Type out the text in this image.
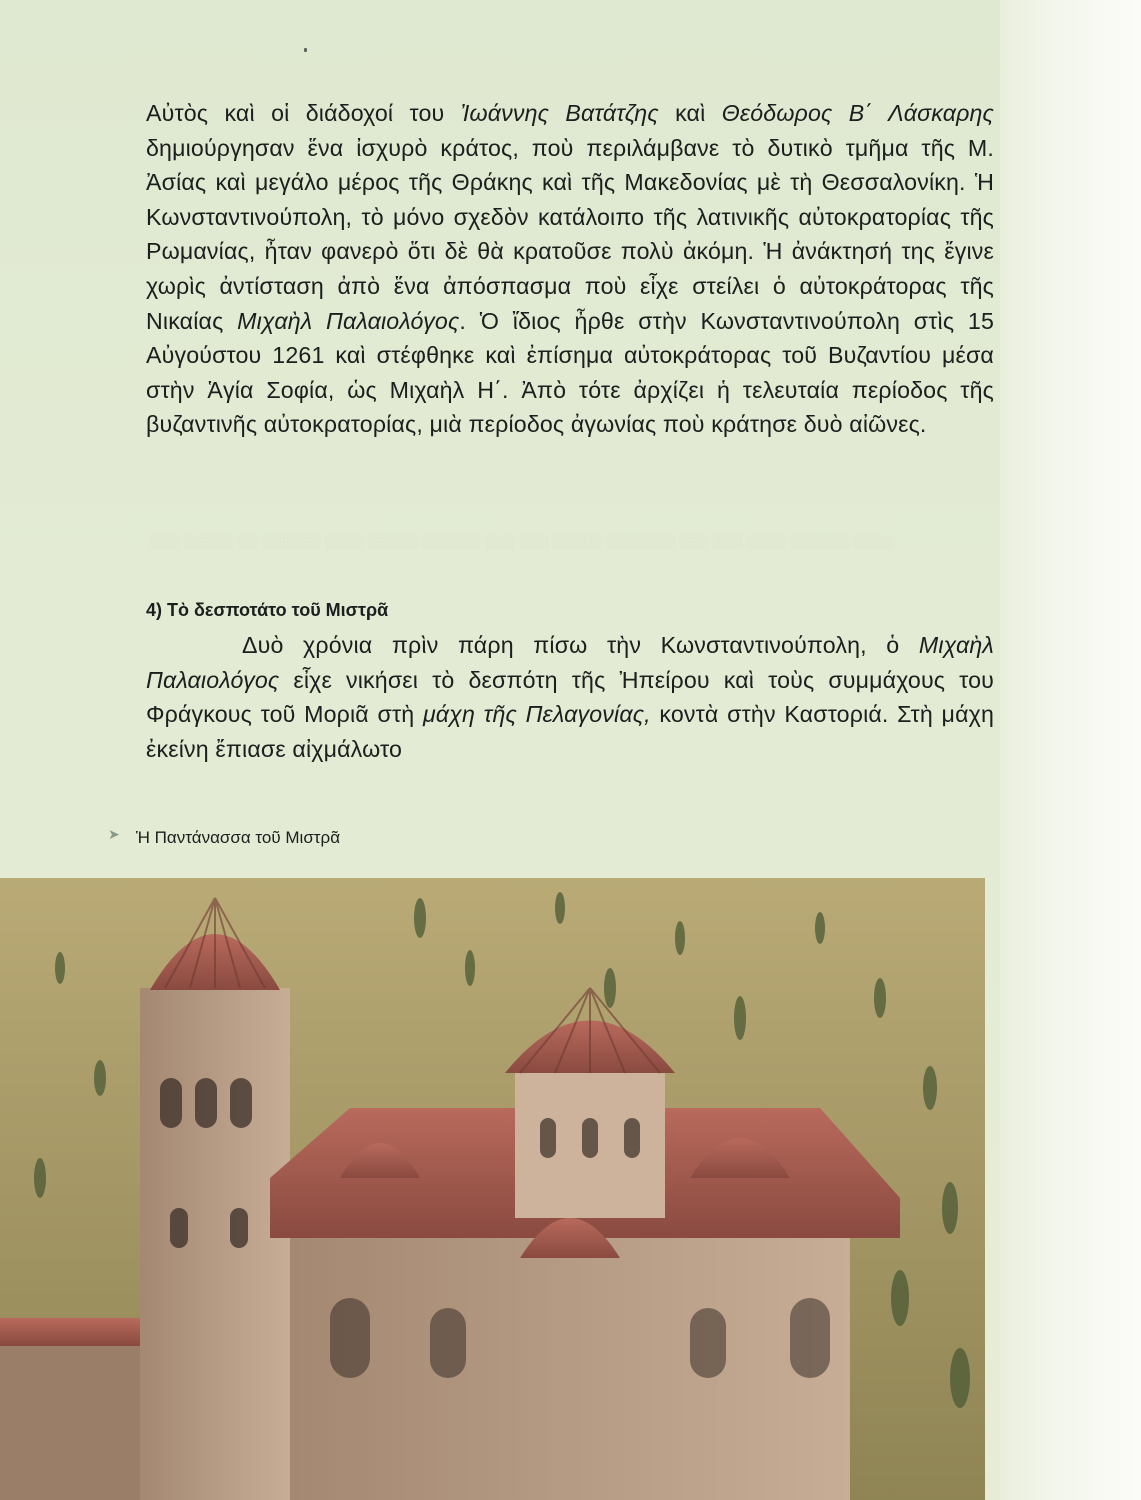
░░░ ░░░░░ ░░ ░░░░░░ ░░░░ ░░░░░ ░░░░░░ ░░░ ░░░ ░░░░░ ░░░░░░░ ░░░ ░░░ ░░░░ ░░░░░░ ░░░░

Αὐτὸς καὶ οἱ διάδοχοί του Ἰωάννης Βατάτζης καὶ Θεόδωρος Β΄ Λάσκαρης δημιούργησαν ἕνα ἰσχυρὸ κράτος, ποὺ περιλάμβανε τὸ δυτικὸ τμῆμα τῆς Μ. Ἀσίας καὶ μεγάλο μέρος τῆς Θράκης καὶ τῆς Μακεδονίας μὲ τὴ Θεσσαλονίκη. Ἡ Κωνσταντινούπολη, τὸ μόνο σχεδὸν κατάλοιπο τῆς λατινικῆς αὐτοκρατορίας τῆς Ρωμανίας, ἦταν φανερὸ ὅτι δὲ θὰ κρατοῦσε πολὺ ἀκόμη. Ἡ ἀνάκτησή της ἔγινε χωρὶς ἀντίσταση ἀπὸ ἕνα ἀπόσπασμα ποὺ εἶχε στείλει ὁ αὐτοκράτορας τῆς Νικαίας Μιχαὴλ Παλαιολόγος. Ὁ ἴδιος ἦρθε στὴν Κωνσταντινούπολη στὶς 15 Αὐγούστου 1261 καὶ στέφθηκε καὶ ἐπίσημα αὐτοκράτορας τοῦ Βυζαντίου μέσα στὴν Ἁγία Σοφία, ὡς Μιχαὴλ Η΄. Ἀπὸ τότε ἀρχίζει ἡ τελευταία περίοδος τῆς βυζαντινῆς αὐτοκρατορίας, μιὰ περίοδος ἀγωνίας ποὺ κράτησε δυὸ αἰῶνες.

4) Τὸ δεσποτάτο τοῦ Μιστρᾶ

Δυὸ χρόνια πρὶν πάρη πίσω τὴν Κωνσταντινούπολη, ὁ Μιχαὴλ Παλαιολόγος εἶχε νικήσει τὸ δεσπότη τῆς Ἠπείρου καὶ τοὺς συμμάχους του Φράγκους τοῦ Μοριᾶ στὴ μάχη τῆς Πελαγονίας, κοντὰ στὴν Καστοριά. Στὴ μάχη ἐκείνη ἔπιασε αἰχμάλωτο

➤ Ἡ Παντάνασσα τοῦ Μιστρᾶ
